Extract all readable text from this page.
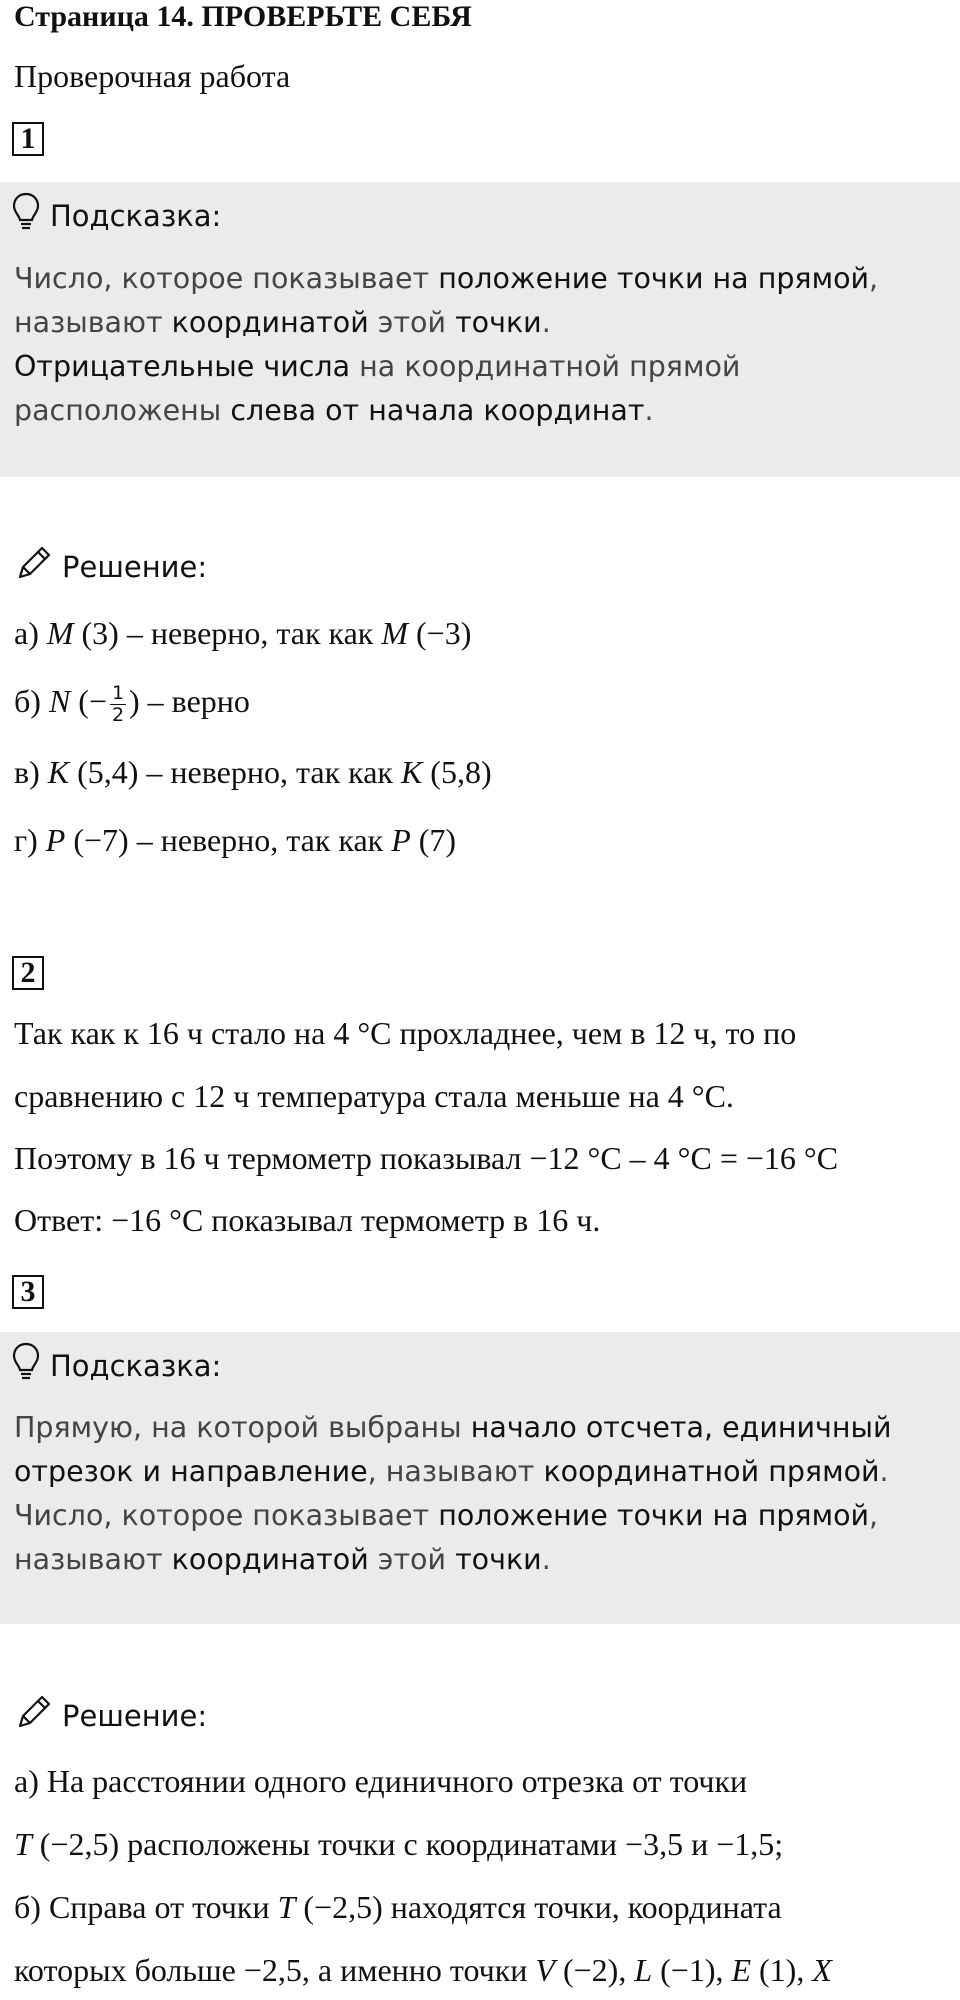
Страница 14. ПРОВЕРЬТЕ СЕБЯ
Проверочная работа
1
Подсказка:
Число, которое показывает положение точки на прямой,
называют координатой этой точки.
Отрицательные числа на координатной прямой
расположены слева от начала координат.
Решение:
а) M (3) – неверно, так как M (−3)
б) N (− $\frac{1}{2}$ ) – верно
в) K (5,4) – неверно, так как K (5,8)
г) P (−7) – неверно, так как P (7)
2
Так как к 16 ч стало на 4 °C прохладнее, чем в 12 ч, то по
сравнению с 12 ч температура стала меньше на 4 °C.
Поэтому в 16 ч термометр показывал −12 °C – 4 °C = −16 °C
Ответ: −16 °C показывал термометр в 16 ч.
3
Подсказка:
Прямую, на которой выбраны начало отсчета, единичный
отрезок и направление, называют координатной прямой.
Число, которое показывает положение точки на прямой,
называют координатой этой точки.
Решение:
а) На расстоянии одного единичного отрезка от точки
T (−2,5) расположены точки с координатами −3,5 и −1,5;
б) Справа от точки T (−2,5) находятся точки, координата
которых больше −2,5, а именно точки V (−2), L (−1), E (1), X
